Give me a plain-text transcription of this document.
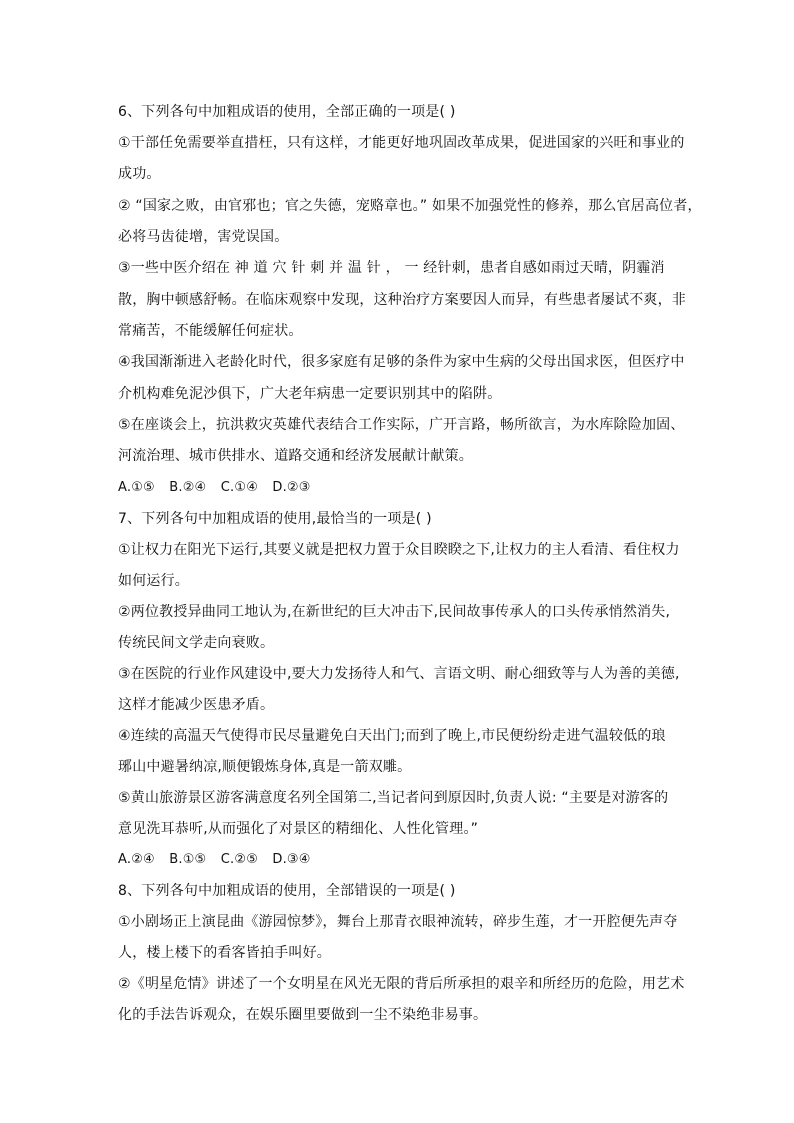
6、下列各句中加粗成语的使用，全部正确的一项是( )
①干部任免需要举直措枉，只有这样，才能更好地巩固改革成果，促进国家的兴旺和事业的
成功。
② “国家之败，由官邪也；官之失德，宠赂章也。” 如果不加强党性的修养，那么官居高位者，
必将马齿徒增，害党误国。
③一些中医介绍在 神 道 穴 针 刺 并 温 针 ， 一 经针刺，患者自感如雨过天晴，阴霾消
散，胸中顿感舒畅。在临床观察中发现，这种治疗方案要因人而异，有些患者屡试不爽，非
常痛苦，不能缓解任何症状。
④我国渐渐进入老龄化时代，很多家庭有足够的条件为家中生病的父母出国求医，但医疗中
介机构难免泥沙俱下，广大老年病患一定要识别其中的陷阱。
⑤在座谈会上，抗洪救灾英雄代表结合工作实际，广开言路，畅所欲言，为水库除险加固、
河流治理、城市供排水、道路交通和经济发展献计献策。
A.①⑤ B.②④ C.①④ D.②③
7、下列各句中加粗成语的使用,最恰当的一项是( )
①让权力在阳光下运行,其要义就是把权力置于众目睽睽之下,让权力的主人看清、看住权力
如何运行。
②两位教授异曲同工地认为,在新世纪的巨大冲击下,民间故事传承人的口头传承悄然消失,
传统民间文学走向衰败。
③在医院的行业作风建设中,要大力发扬待人和气、言语文明、耐心细致等与人为善的美德,
这样才能减少医患矛盾。
④连续的高温天气使得市民尽量避免白天出门;而到了晚上,市民便纷纷走进气温较低的琅
琊山中避暑纳凉,顺便锻炼身体,真是一箭双雕。
⑤黄山旅游景区游客满意度名列全国第二,当记者问到原因时,负责人说: “主要是对游客的
意见洗耳恭听,从而强化了对景区的精细化、人性化管理。”
A.②④ B.①⑤ C.②⑤ D.③④
8、下列各句中加粗成语的使用，全部错误的一项是( )
①小剧场正上演昆曲《游园惊梦》，舞台上那青衣眼神流转，碎步生莲，才一开腔便先声夺
人，楼上楼下的看客皆拍手叫好。
②《明星危情》讲述了一个女明星在风光无限的背后所承担的艰辛和所经历的危险，用艺术
化的手法告诉观众，在娱乐圈里要做到一尘不染绝非易事。
